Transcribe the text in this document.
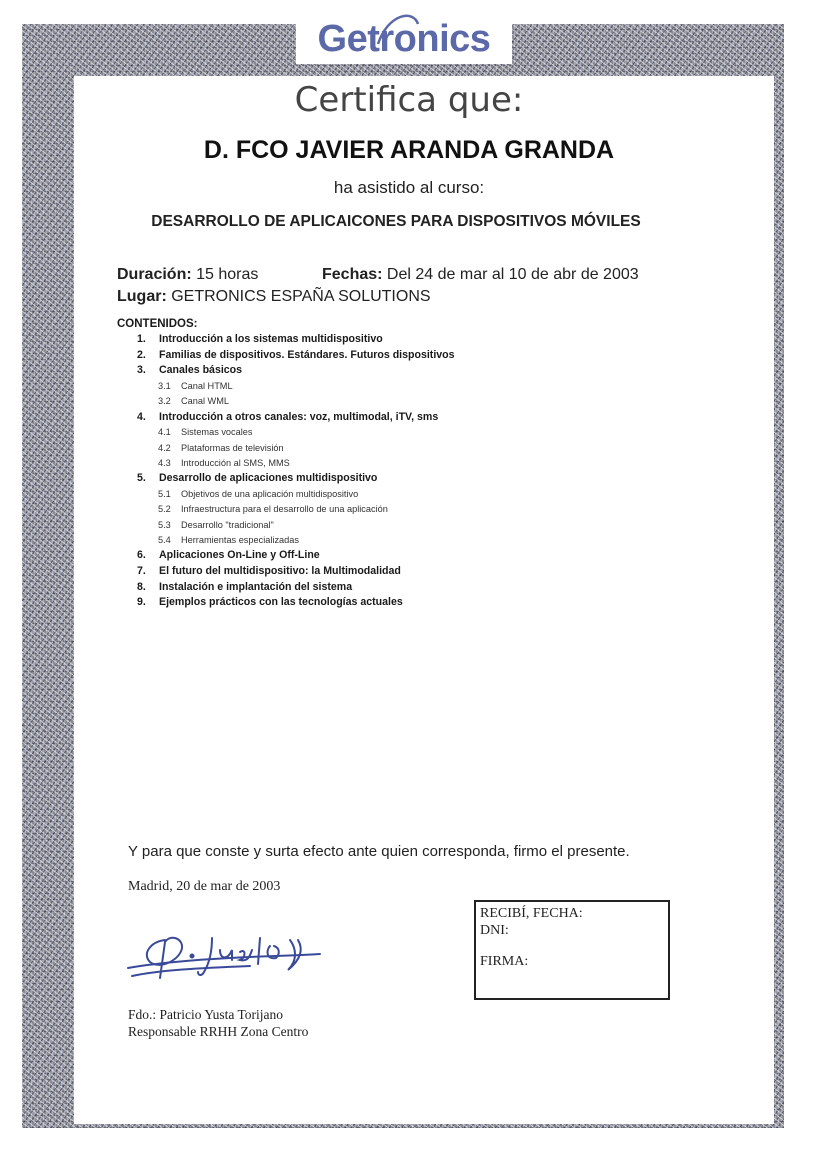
Getronics
Certifica que:
D. FCO JAVIER ARANDA GRANDA
ha asistido al curso:
DESARROLLO DE APLICAICONES PARA DISPOSITIVOS MÓVILES
Duración: 15 horas	Fechas: Del 24 de mar al 10 de abr de 2003
Lugar: GETRONICS ESPAÑA SOLUTIONS
CONTENIDOS:
1.	Introducción a los sistemas multidispositivo
2.	Familias de dispositivos. Estándares. Futuros dispositivos
3.	Canales básicos
3.1	Canal HTML
3.2	Canal WML
4.	Introducción a otros canales: voz, multimodal, iTV, sms
4.1	Sistemas vocales
4.2	Plataformas de televisión
4.3	Introducción al SMS, MMS
5.	Desarrollo de aplicaciones multidispositivo
5.1	Objetivos de una aplicación multidispositivo
5.2	Infraestructura para el desarrollo de una aplicación
5.3	Desarrollo "tradicional"
5.4	Herramientas especializadas
6.	Aplicaciones On-Line y Off-Line
7.	El futuro del multidispositivo: la Multimodalidad
8.	Instalación e implantación del sistema
9.	Ejemplos prácticos con las tecnologías actuales
Y para que conste y surta efecto ante quien corresponda, firmo el presente.
Madrid, 20 de mar de 2003
RECIBÍ, FECHA:
DNI:
FIRMA:
Fdo.: Patricio Yusta Torijano
Responsable RRHH Zona Centro
